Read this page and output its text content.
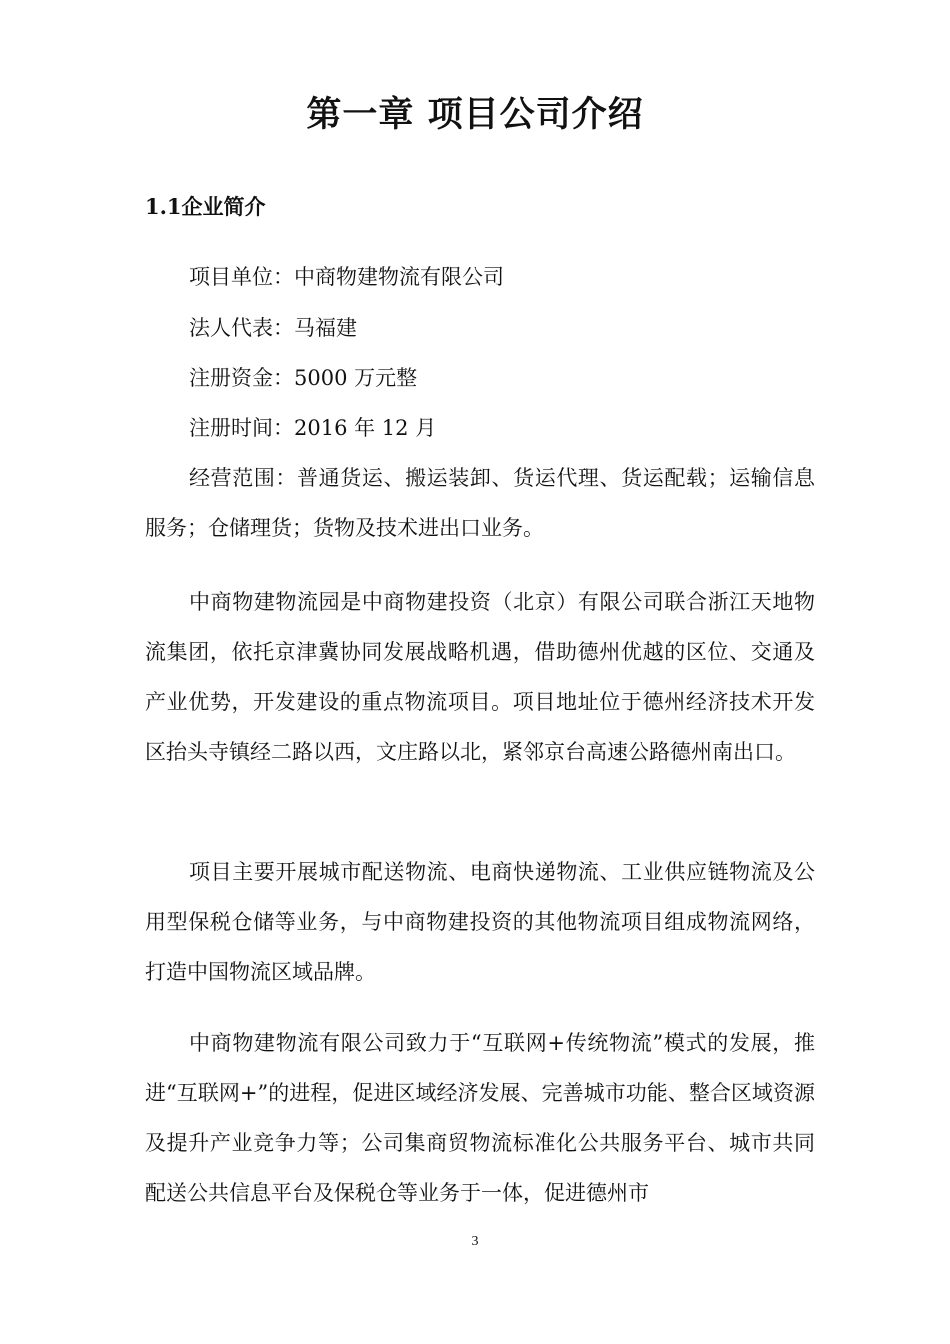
第一章 项目公司介绍
1.1企业简介
项目单位：中商物建物流有限公司
法人代表：马福建
注册资金：5000 万元整
注册时间：2016 年 12 月

经营范围：普通货运、搬运装卸、货运代理、货运配载；运输信息服务；仓储理货；货物及技术进出口业务。

中商物建物流园是中商物建投资（北京）有限公司联合浙江天地物流集团，依托京津冀协同发展战略机遇，借助德州优越的区位、交通及产业优势，开发建设的重点物流项目。项目地址位于德州经济技术开发区抬头寺镇经二路以西，文庄路以北，紧邻京台高速公路德州南出口。

项目主要开展城市配送物流、电商快递物流、工业供应链物流及公用型保税仓储等业务，与中商物建投资的其他物流项目组成物流网络，打造中国物流区域品牌。

中商物建物流有限公司致力于“互联网+传统物流”模式的发展，推进“互联网+”的进程，促进区域经济发展、完善城市功能、整合区域资源及提升产业竞争力等；公司集商贸物流标准化公共服务平台、城市共同配送公共信息平台及保税仓等业务于一体，促进德州市

3
